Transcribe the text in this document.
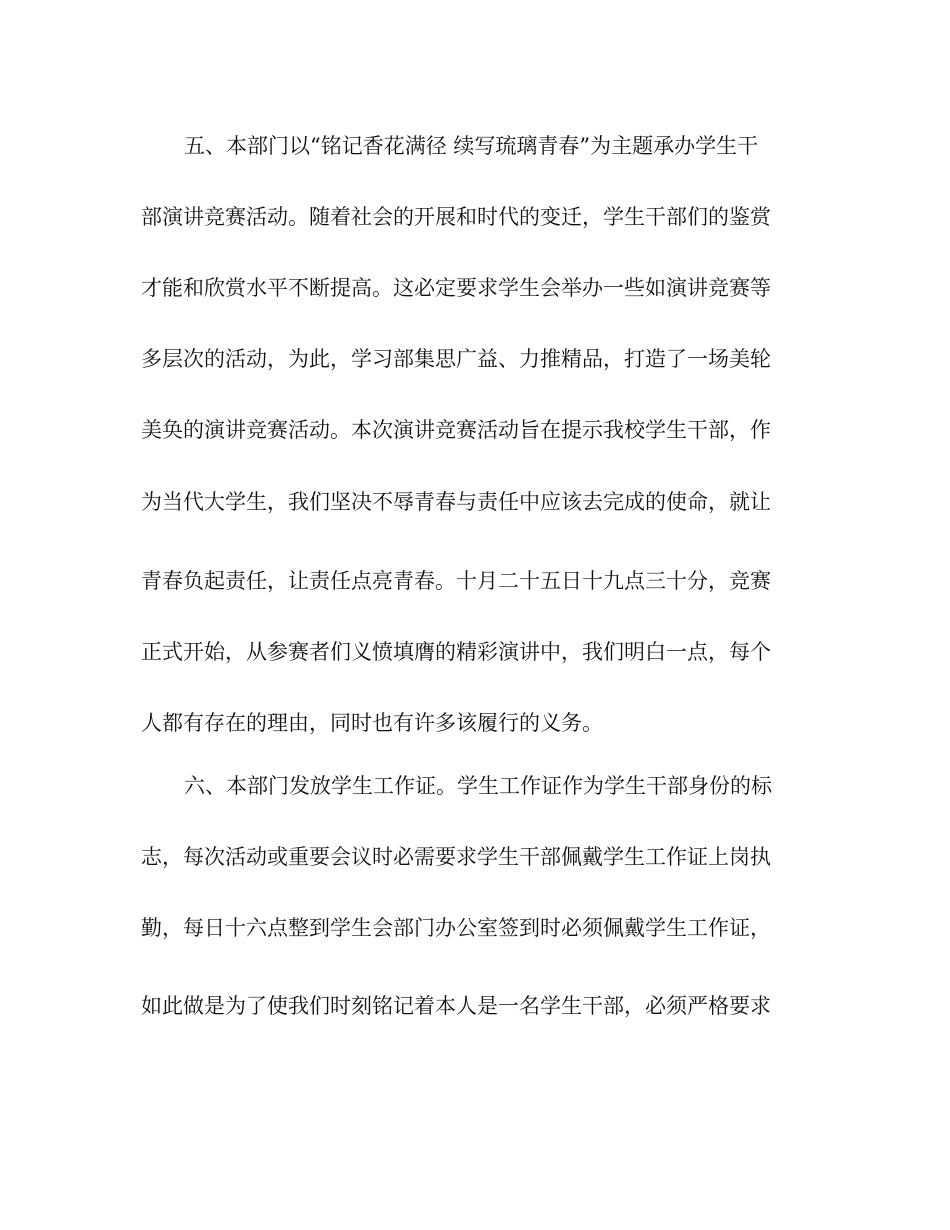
五、本部门以“铭记香花满径 续写琉璃青春”为主题承办学生干
部演讲竞赛活动。随着社会的开展和时代的变迁，学生干部们的鉴赏
才能和欣赏水平不断提高。这必定要求学生会举办一些如演讲竞赛等
多层次的活动，为此，学习部集思广益、力推精品，打造了一场美轮
美奂的演讲竞赛活动。本次演讲竞赛活动旨在提示我校学生干部，作
为当代大学生，我们坚决不辱青春与责任中应该去完成的使命，就让
青春负起责任，让责任点亮青春。十月二十五日十九点三十分，竞赛
正式开始，从参赛者们义愤填膺的精彩演讲中，我们明白一点，每个
人都有存在的理由，同时也有许多该履行的义务。
六、本部门发放学生工作证。学生工作证作为学生干部身份的标
志，每次活动或重要会议时必需要求学生干部佩戴学生工作证上岗执
勤，每日十六点整到学生会部门办公室签到时必须佩戴学生工作证，
如此做是为了使我们时刻铭记着本人是一名学生干部，必须严格要求
